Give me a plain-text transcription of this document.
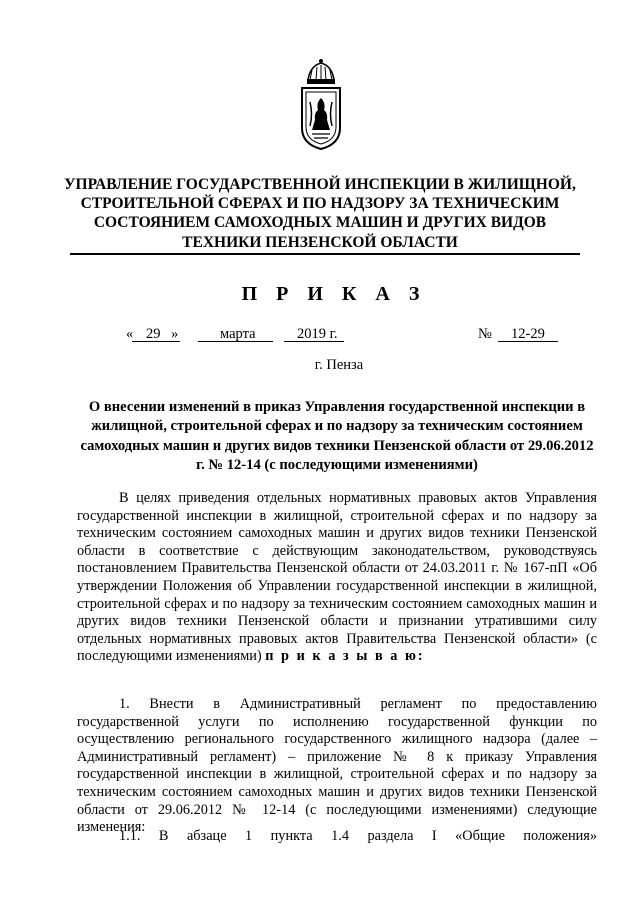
УПРАВЛЕНИЕ ГОСУДАРСТВЕННОЙ ИНСПЕКЦИИ В ЖИЛИЩНОЙ, СТРОИТЕЛЬНОЙ СФЕРАХ И ПО НАДЗОРУ ЗА ТЕХНИЧЕСКИМ СОСТОЯНИЕМ САМОХОДНЫХ МАШИН И ДРУГИХ ВИДОВ ТЕХНИКИ ПЕНЗЕНСКОЙ ОБЛАСТИ
П Р И К А З
« 29 »	марта	2019 г.	№ 12-29
г. Пенза
О внесении изменений в приказ Управления государственной инспекции в жилищной, строительной сферах и по надзору за техническим состоянием самоходных машин и других видов техники Пензенской области от 29.06.2012 г. № 12-14 (с последующими изменениями)
В целях приведения отдельных нормативных правовых актов Управления государственной инспекции в жилищной, строительной сферах и по надзору за техническим состоянием самоходных машин и других видов техники Пензенской области в соответствие с действующим законодательством, руководствуясь постановлением Правительства Пензенской области от 24.03.2011 г. № 167-пП «Об утверждении Положения об Управлении государственной инспекции в жилищной, строительной сферах и по надзору за техническим состоянием самоходных машин и других видов техники Пензенской области и признании утратившими силу отдельных нормативных правовых актов Правительства Пензенской области» (с последующими изменениями) п р и к а з ы в а ю:
1. Внести в Административный регламент по предоставлению государственной услуги по исполнению государственной функции по осуществлению регионального государственного жилищного надзора (далее – Административный регламент) – приложение № 8 к приказу Управления государственной инспекции в жилищной, строительной сферах и по надзору за техническим состоянием самоходных машин и других видов техники Пензенской области от 29.06.2012 № 12-14 (с последующими изменениями) следующие изменения:
1.1. В абзаце 1 пункта 1.4 раздела I «Общие положения»
